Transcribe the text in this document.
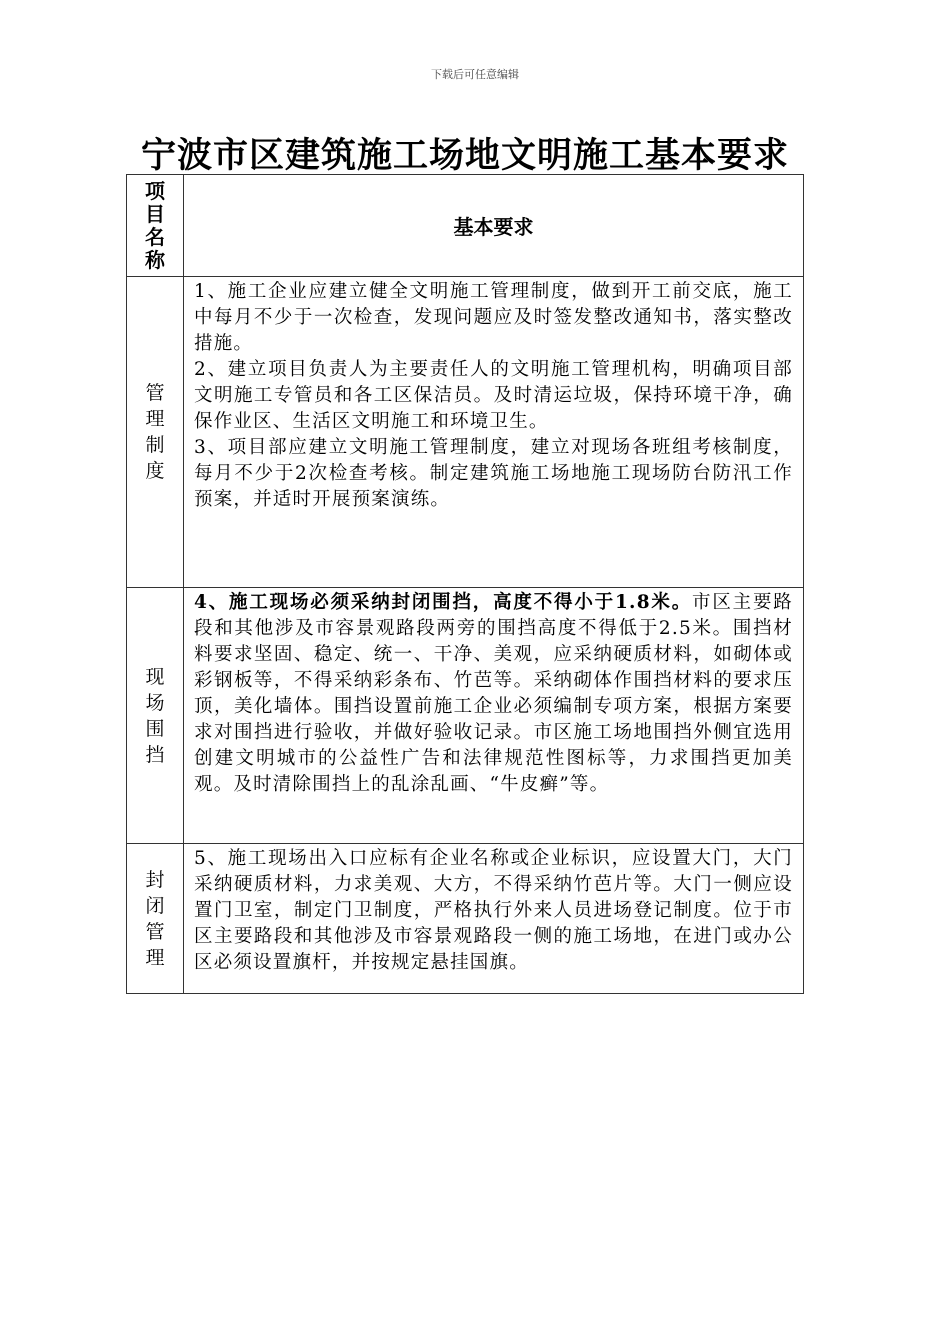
下载后可任意编辑
宁波市区建筑施工场地文明施工基本要求
项目名称	基本要求
管理制度	1、施工企业应建立健全文明施工管理制度，做到开工前交底，施工中每月不少于一次检查，发现问题应及时签发整改通知书，落实整改措施。

2、建立项目负责人为主要责任人的文明施工管理机构，明确项目部文明施工专管员和各工区保洁员。及时清运垃圾，保持环境干净，确保作业区、生活区文明施工和环境卫生。

3、项目部应建立文明施工管理制度，建立对现场各班组考核制度，每月不少于2次检查考核。制定建筑施工场地施工现场防台防汛工作预案，并适时开展预案演练。

现场围挡	4、施工现场必须采纳封闭围挡，高度不得小于1.8米。市区主要路段和其他涉及市容景观路段两旁的围挡高度不得低于2.5米。围挡材料要求坚固、稳定、统一、干净、美观，应采纳硬质材料，如砌体或彩钢板等，不得采纳彩条布、竹芭等。采纳砌体作围挡材料的要求压顶，美化墙体。围挡设置前施工企业必须编制专项方案，根据方案要求对围挡进行验收，并做好验收记录。市区施工场地围挡外侧宜选用创建文明城市的公益性广告和法律规范性图标等，力求围挡更加美观。及时清除围挡上的乱涂乱画、“牛皮癣”等。

封闭管理	5、施工现场出入口应标有企业名称或企业标识，应设置大门，大门采纳硬质材料，力求美观、大方，不得采纳竹芭片等。大门一侧应设置门卫室，制定门卫制度，严格执行外来人员进场登记制度。位于市区主要路段和其他涉及市容景观路段一侧的施工场地，在进门或办公区必须设置旗杆，并按规定悬挂国旗。
